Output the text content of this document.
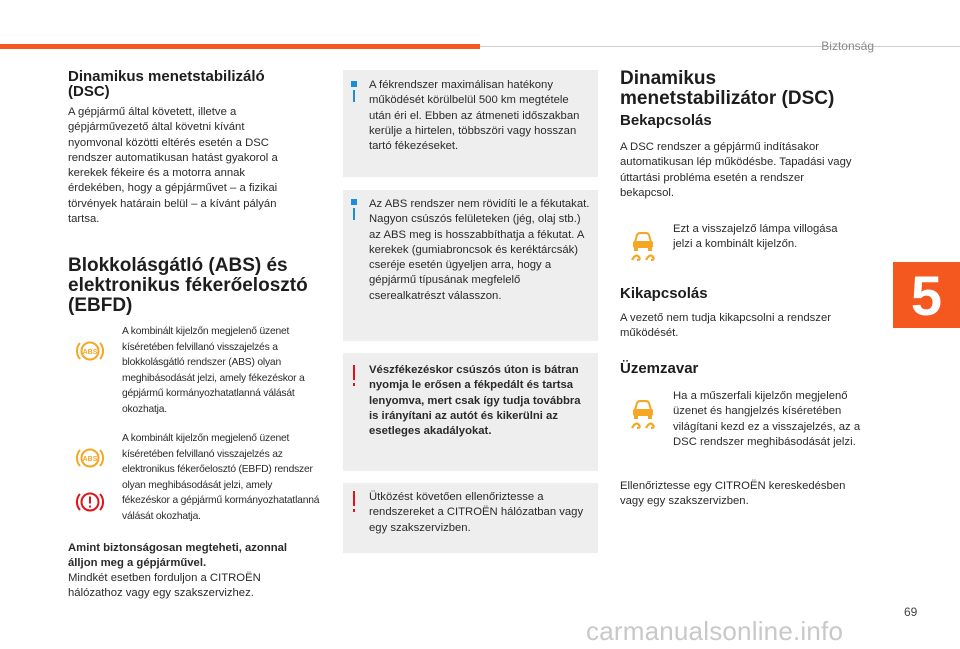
Biztonság
5
Dinamikus menetstabilizáló (DSC)

A gépjármű által követett, illetve a gépjárművezető által követni kívánt nyomvonal közötti eltérés esetén a DSC rendszer automatikusan hatást gyakorol a kerekek fékeire és a motorra annak érdekében, hogy a gépjárművet – a fizikai törvények határain belül – a kívánt pályán tartsa.

Blokkolásgátló (ABS) és elektronikus fékerőelosztó (EBFD)
ABS

A kombinált kijelzőn megjelenő üzenet kíséretében felvillanó visszajelzés a blokkolásgátló rendszer (ABS) olyan meghibásodását jelzi, amely fékezéskor a gépjármű kormányozhatatlanná válását okozhatja.

ABS

A kombinált kijelzőn megjelenő üzenet kíséretében felvillanó visszajelzés az elektronikus fékerőelosztó (EBFD) rendszer olyan meghibásodását jelzi, amely fékezéskor a gépjármű kormányozhatatlanná válását okozhatja.

Amint biztonságosan megteheti, azonnal álljon meg a gépjárművel.

Mindkét esetben forduljon a CITROËN hálózathoz vagy egy szakszervizhez.

A fékrendszer maximálisan hatékony működését körülbelül 500 km megtétele után éri el. Ebben az átmeneti időszakban kerülje a hirtelen, többszöri vagy hosszan tartó fékezéseket.

Az ABS rendszer nem rövidíti le a fékutakat. Nagyon csúszós felületeken (jég, olaj stb.) az ABS meg is hosszabbíthatja a fékutat. A kerekek (gumiabroncsok és keréktárcsák) cseréje esetén ügyeljen arra, hogy a gépjármű típusának megfelelő cserealkatrészt válasszon.

Vészfékezéskor csúszós úton is bátran nyomja le erősen a fékpedált és tartsa lenyomva, mert csak így tudja továbbra is irányítani az autót és kikerülni az esetleges akadályokat.

Ütközést követően ellenőriztesse a rendszereket a CITROËN hálózatban vagy egy szakszervizben.

Dinamikus menetstabilizátor (DSC)
Bekapcsolás

A DSC rendszer a gépjármű indításakor automatikusan lép működésbe. Tapadási vagy úttartási probléma esetén a rendszer bekapcsol.

Ezt a visszajelző lámpa villogása jelzi a kombinált kijelzőn.

Kikapcsolás

A vezető nem tudja kikapcsolni a rendszer működését.

Üzemzavar

Ha a műszerfali kijelzőn megjelenő üzenet és hangjelzés kíséretében világítani kezd ez a visszajelzés, az a DSC rendszer meghibásodását jelzi.

Ellenőriztesse egy CITROËN kereskedésben vagy egy szakszervizben.

69
carmanualsonline.info
